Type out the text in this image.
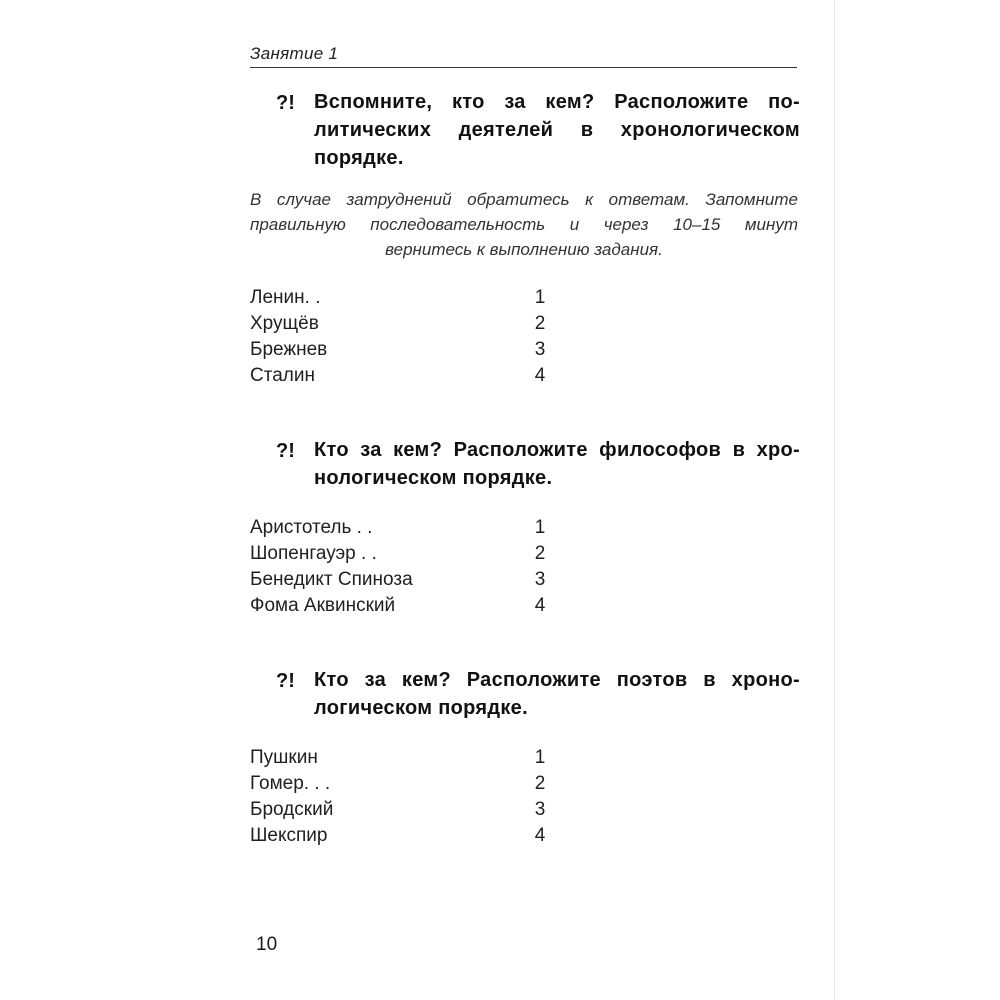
Занятие 1
?! Вспомните, кто за кем? Расположите по-
литических деятелей в хронологическом
порядке.
В случае затруднений обратитесь к ответам. Запомните
правильную последовательность и через 10–15 минут
вернитесь к выполнению задания.
Ленин. .	1
Хрущёв	2
Брежнев	3
Сталин	4
?! Кто за кем? Расположите философов в хро-
нологическом порядке.
Аристотель . .	1
Шопенгауэр . .	2
Бенедикт Спиноза	3
Фома Аквинский	4
?! Кто за кем? Расположите поэтов в хроно-
логическом порядке.
Пушкин	1
Гомер. . .	2
Бродский	3
Шекспир	4
10
